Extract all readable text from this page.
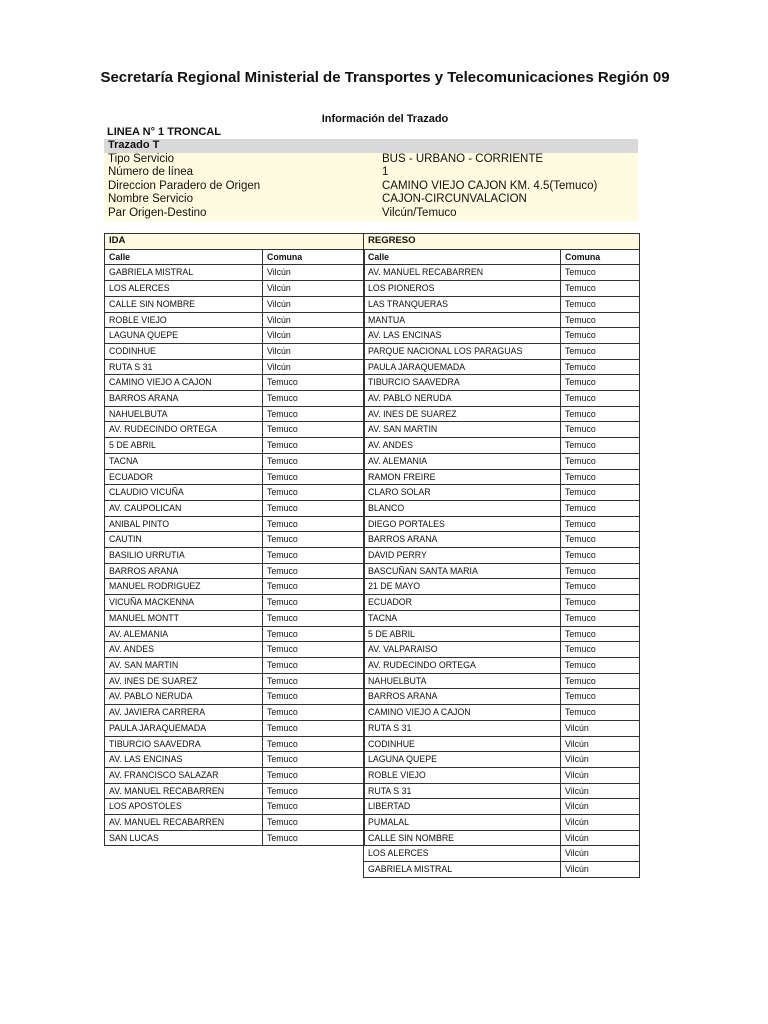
Secretaría Regional Ministerial de Transportes y Telecomunicaciones Región 09
Información del Trazado
LINEA N° 1 TRONCAL
Trazado T	
Tipo Servicio	BUS - URBANO - CORRIENTE
Número de línea	1
Direccion Paradero de Origen	CAMINO VIEJO CAJON KM. 4.5(Temuco)
Nombre Servicio	CAJON-CIRCUNVALACION
Par Origen-Destino	Vilcún/Temuco
IDA	
Calle	Comuna
GABRIELA MISTRAL	Vilcún
LOS ALERCES	Vilcún
CALLE SIN NOMBRE	Vilcún
ROBLE VIEJO	Vilcún
LAGUNA QUEPE	Vilcún
CODINHUE	Vilcún
RUTA S 31	Vilcún
CAMINO VIEJO A CAJON	Temuco
BARROS ARANA	Temuco
NAHUELBUTA	Temuco
AV. RUDECINDO ORTEGA	Temuco
5 DE ABRIL	Temuco
TACNA	Temuco
ECUADOR	Temuco
CLAUDIO VICUÑA	Temuco
AV. CAUPOLICAN	Temuco
ANIBAL PINTO	Temuco
CAUTIN	Temuco
BASILIO URRUTIA	Temuco
BARROS ARANA	Temuco
MANUEL RODRIGUEZ	Temuco
VICUÑA MACKENNA	Temuco
MANUEL MONTT	Temuco
AV. ALEMANIA	Temuco
AV. ANDES	Temuco
AV. SAN MARTIN	Temuco
AV. INES DE SUAREZ	Temuco
AV. PABLO NERUDA	Temuco
AV. JAVIERA CARRERA	Temuco
PAULA JARAQUEMADA	Temuco
TIBURCIO SAAVEDRA	Temuco
AV. LAS ENCINAS	Temuco
AV. FRANCISCO SALAZAR	Temuco
AV. MANUEL RECABARREN	Temuco
LOS APOSTOLES	Temuco
AV. MANUEL RECABARREN	Temuco
SAN LUCAS	Temuco
REGRESO	
Calle	Comuna
AV. MANUEL RECABARREN	Temuco
LOS PIONEROS	Temuco
LAS TRANQUERAS	Temuco
MANTUA	Temuco
AV. LAS ENCINAS	Temuco
PARQUE NACIONAL LOS PARAGUAS	Temuco
PAULA JARAQUEMADA	Temuco
TIBURCIO SAAVEDRA	Temuco
AV. PABLO NERUDA	Temuco
AV. INES DE SUAREZ	Temuco
AV. SAN MARTIN	Temuco
AV. ANDES	Temuco
AV. ALEMANIA	Temuco
RAMON FREIRE	Temuco
CLARO SOLAR	Temuco
BLANCO	Temuco
DIEGO PORTALES	Temuco
BARROS ARANA	Temuco
DAVID PERRY	Temuco
BASCUÑAN SANTA MARIA	Temuco
21 DE MAYO	Temuco
ECUADOR	Temuco
TACNA	Temuco
5 DE ABRIL	Temuco
AV. VALPARAISO	Temuco
AV. RUDECINDO ORTEGA	Temuco
NAHUELBUTA	Temuco
BARROS ARANA	Temuco
CAMINO VIEJO A CAJON	Temuco
RUTA S 31	Vilcún
CODINHUE	Vilcún
LAGUNA QUEPE	Vilcún
ROBLE VIEJO	Vilcún
RUTA S 31	Vilcún
LIBERTAD	Vilcún
PUMALAL	Vilcún
CALLE SIN NOMBRE	Vilcún
LOS ALERCES	Vilcún
GABRIELA MISTRAL	Vilcún
